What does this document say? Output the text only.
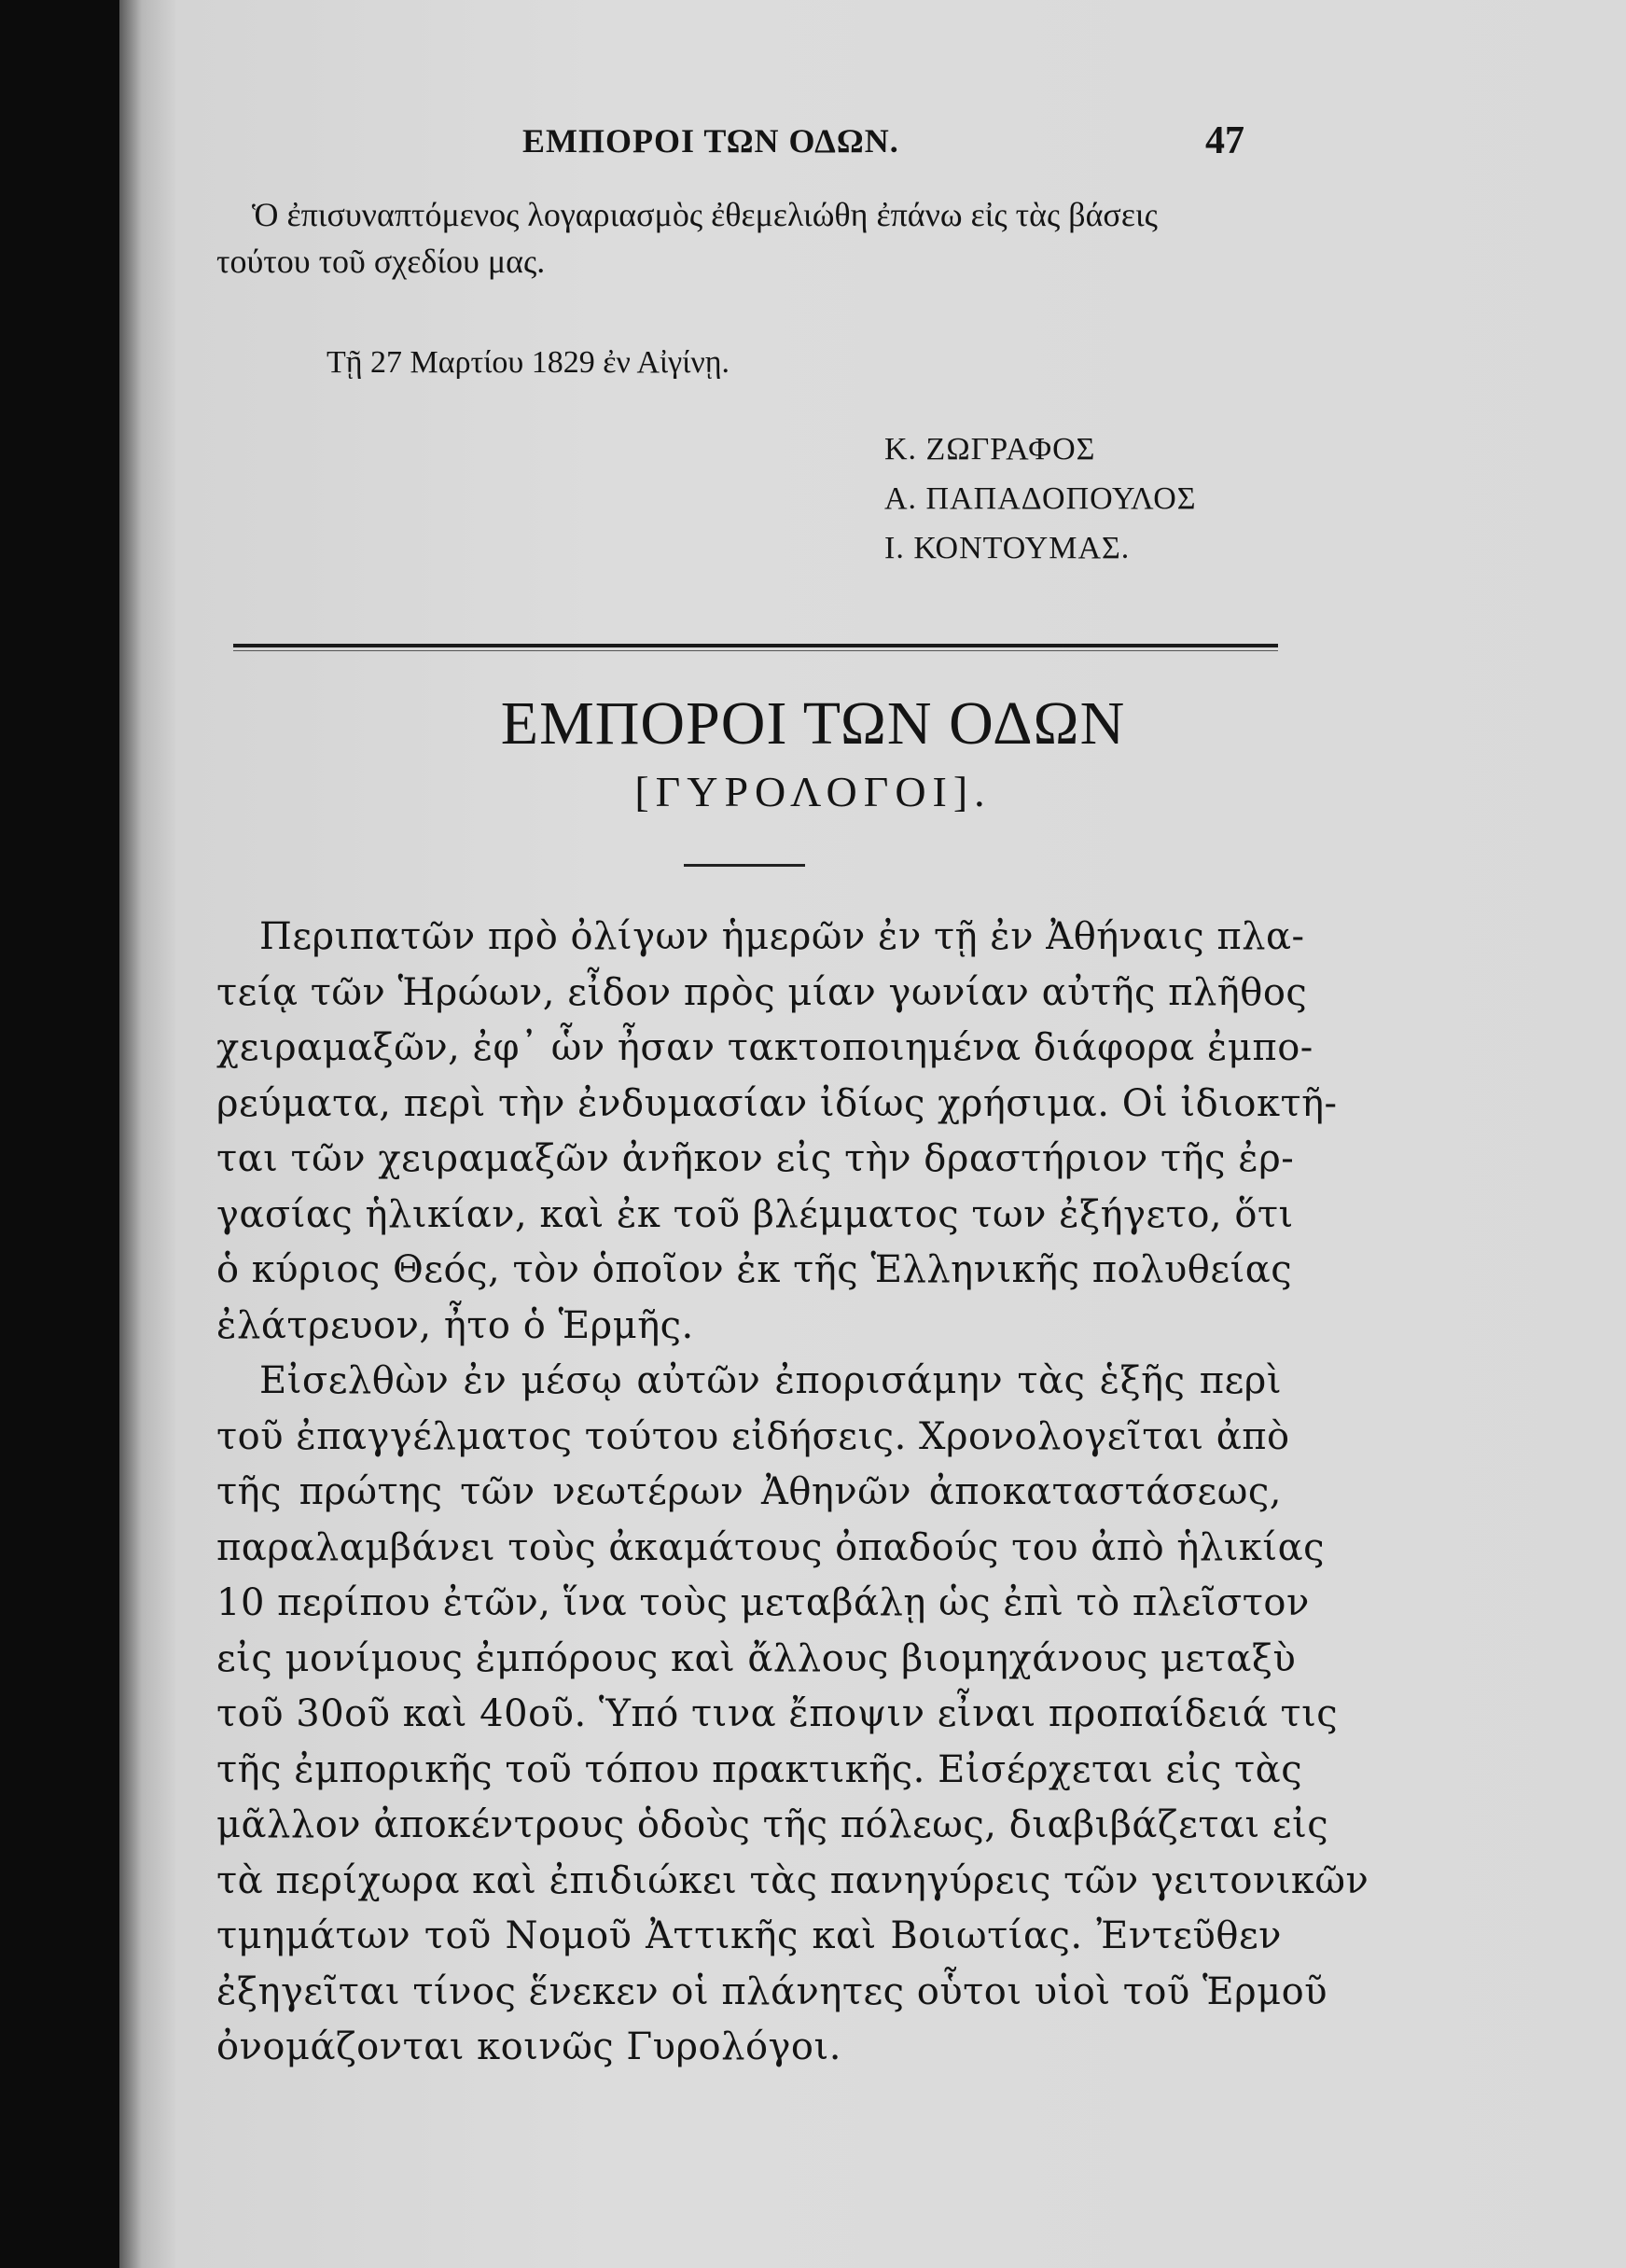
ΕΜΠΟΡΟΙ ΤΩΝ ΟΔΩΝ.	47
Ὁ ἐπισυναπτόμενος λογαριασμὸς ἐθεμελιώθη ἐπάνω εἰς τὰς βάσεις
τούτου τοῦ σχεδίου μας.
Τῇ 27 Μαρτίου 1829 ἐν Αἰγίνῃ.
Κ. ΖΩΓΡΑΦΟΣ
Α. ΠΑΠΑΔΟΠΟΥΛΟΣ
Ι. ΚΟΝΤΟΥΜΑΣ.
ΕΜΠΟΡΟΙ ΤΩΝ ΟΔΩΝ
[ΓΥΡΟΛΟΓΟΙ].
Περιπατῶν πρὸ ὀλίγων ἡμερῶν ἐν τῇ ἐν Ἀθήναις πλα-
τείᾳ τῶν Ἡρώων, εἶδον πρὸς μίαν γωνίαν αὐτῆς πλῆθος
χειραμαξῶν, ἐφ᾽ ὧν ἦσαν τακτοποιημένα διάφορα ἐμπο-
ρεύματα, περὶ τὴν ἐνδυμασίαν ἰδίως χρήσιμα. Οἱ ἰδιοκτῆ-
ται τῶν χειραμαξῶν ἀνῆκον εἰς τὴν δραστήριον τῆς ἐρ-
γασίας ἡλικίαν, καὶ ἐκ τοῦ βλέμματος των ἐξήγετο, ὅτι
ὁ κύριος Θεός, τὸν ὁποῖον ἐκ τῆς Ἑλληνικῆς πολυθείας
ἐλάτρευον, ἦτο ὁ Ἑρμῆς.
Εἰσελθὼν ἐν μέσῳ αὐτῶν ἐπορισάμην τὰς ἑξῆς περὶ
τοῦ ἐπαγγέλματος τούτου εἰδήσεις. Χρονολογεῖται ἀπὸ
τῆς πρώτης τῶν νεωτέρων Ἀθηνῶν ἀποκαταστάσεως,
παραλαμβάνει τοὺς ἀκαμάτους ὀπαδούς του ἀπὸ ἡλικίας
10 περίπου ἐτῶν, ἵνα τοὺς μεταβάλῃ ὡς ἐπὶ τὸ πλεῖστον
εἰς μονίμους ἐμπόρους καὶ ἄλλους βιομηχάνους μεταξὺ
τοῦ 30οῦ καὶ 40οῦ. Ὑπό τινα ἔποψιν εἶναι προπαίδειά τις
τῆς ἐμπορικῆς τοῦ τόπου πρακτικῆς. Εἰσέρχεται εἰς τὰς
μᾶλλον ἀποκέντρους ὁδοὺς τῆς πόλεως, διαβιβάζεται εἰς
τὰ περίχωρα καὶ ἐπιδιώκει τὰς πανηγύρεις τῶν γειτονικῶν
τμημάτων τοῦ Νομοῦ Ἀττικῆς καὶ Βοιωτίας. Ἐντεῦθεν
ἐξηγεῖται τίνος ἕνεκεν οἱ πλάνητες οὗτοι υἱοὶ τοῦ Ἑρμοῦ
ὀνομάζονται κοινῶς Γυρολόγοι.
